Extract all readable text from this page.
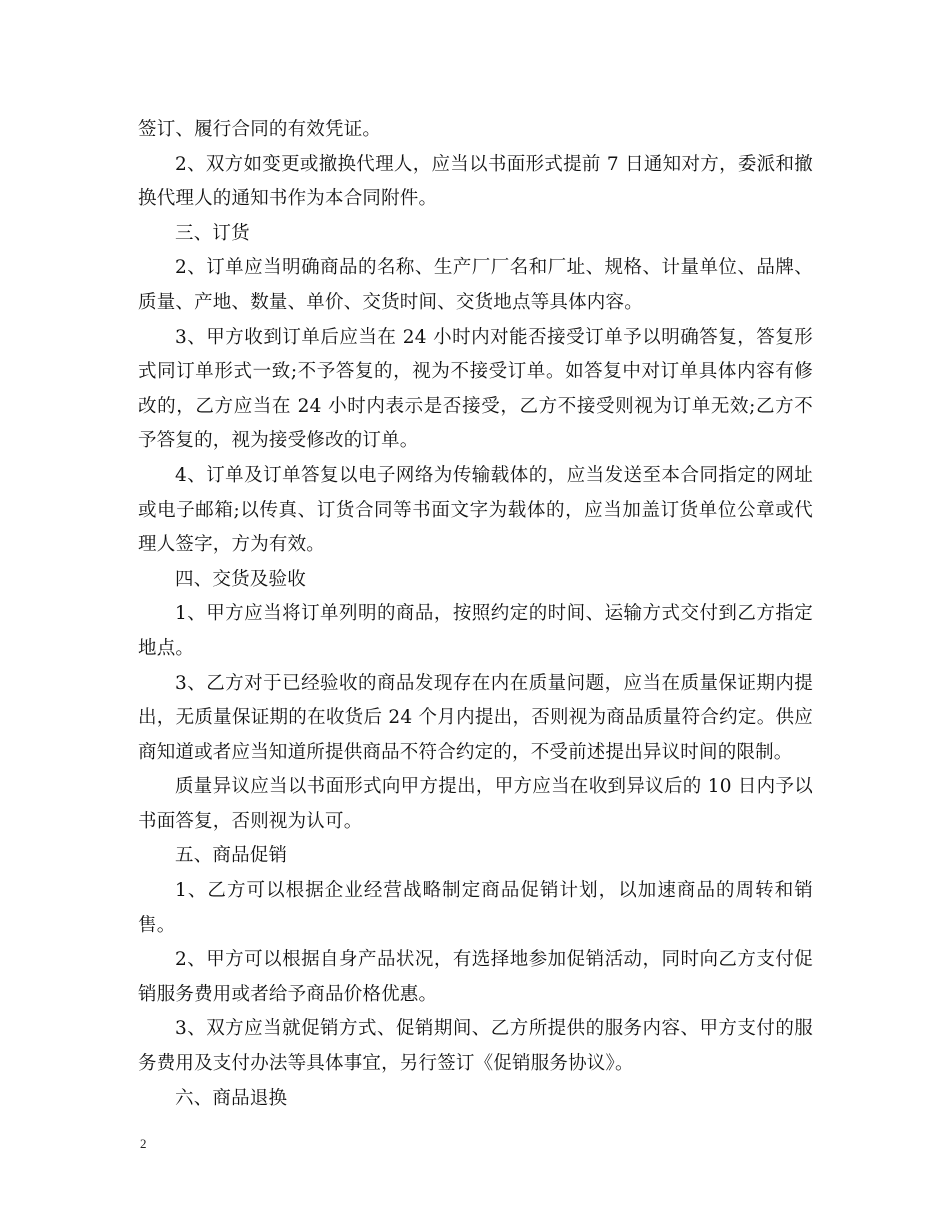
签订、履行合同的有效凭证。

2、双方如变更或撤换代理人，应当以书面形式提前 7 日通知对方，委派和撤换代理人的通知书作为本合同附件。

三、订货

2、订单应当明确商品的名称、生产厂厂名和厂址、规格、计量单位、品牌、质量、产地、数量、单价、交货时间、交货地点等具体内容。

3、甲方收到订单后应当在 24 小时内对能否接受订单予以明确答复，答复形式同订单形式一致;不予答复的，视为不接受订单。如答复中对订单具体内容有修改的，乙方应当在 24 小时内表示是否接受，乙方不接受则视为订单无效;乙方不予答复的，视为接受修改的订单。

4、订单及订单答复以电子网络为传输载体的，应当发送至本合同指定的网址或电子邮箱;以传真、订货合同等书面文字为载体的，应当加盖订货单位公章或代理人签字，方为有效。

四、交货及验收

1、甲方应当将订单列明的商品，按照约定的时间、运输方式交付到乙方指定地点。

3、乙方对于已经验收的商品发现存在内在质量问题，应当在质量保证期内提出，无质量保证期的在收货后 24 个月内提出，否则视为商品质量符合约定。供应商知道或者应当知道所提供商品不符合约定的，不受前述提出异议时间的限制。

质量异议应当以书面形式向甲方提出，甲方应当在收到异议后的 10 日内予以书面答复，否则视为认可。

五、商品促销

1、乙方可以根据企业经营战略制定商品促销计划，以加速商品的周转和销售。

2、甲方可以根据自身产品状况，有选择地参加促销活动，同时向乙方支付促销服务费用或者给予商品价格优惠。

3、双方应当就促销方式、促销期间、乙方所提供的服务内容、甲方支付的服务费用及支付办法等具体事宜，另行签订《促销服务协议》。

六、商品退换

2
